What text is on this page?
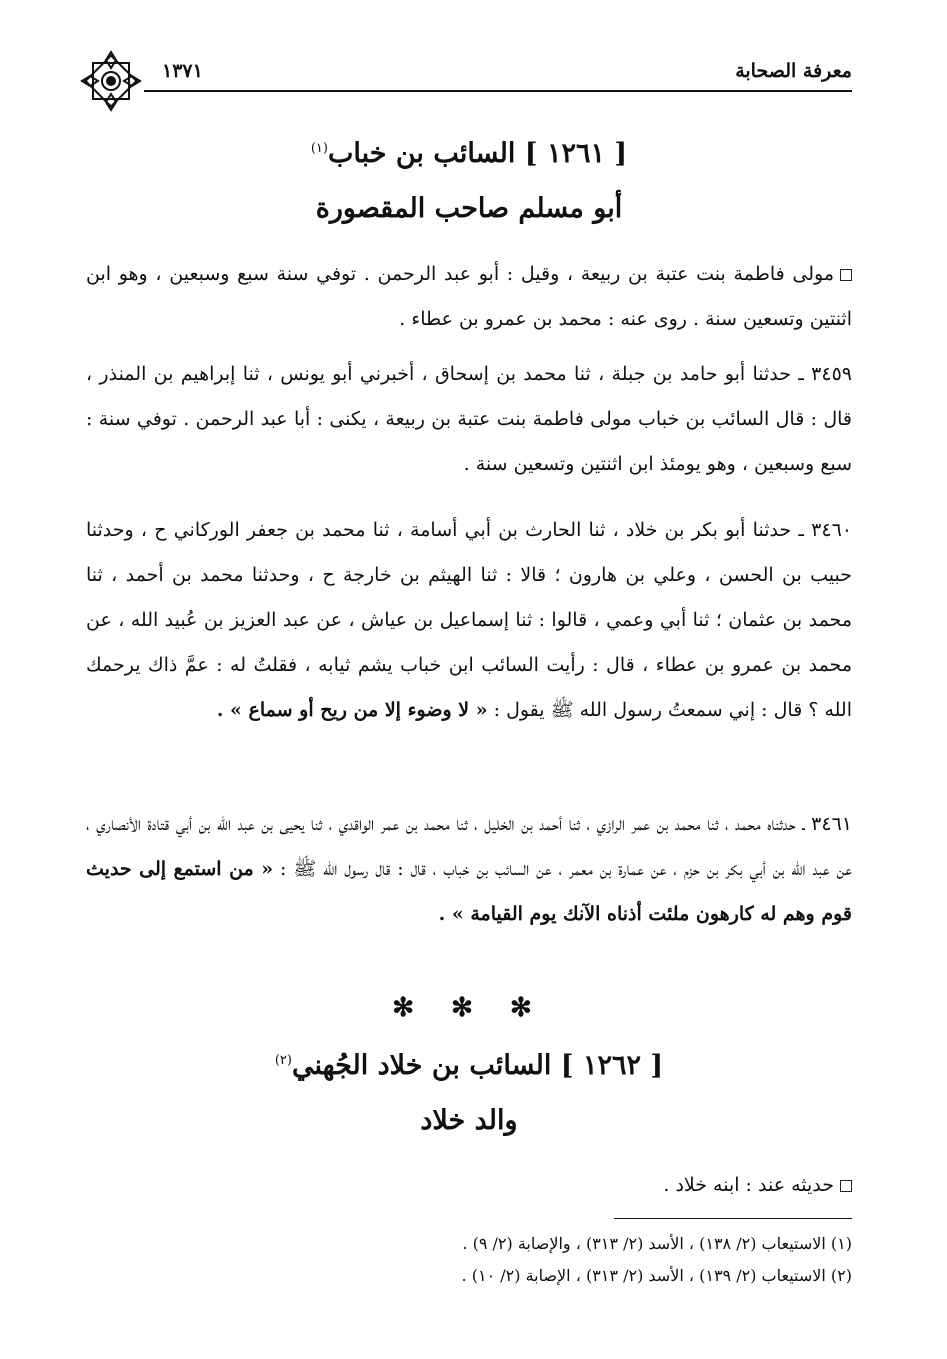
معرفة الصحابة
١٣٧١
[ ١٢٦١ ] السائب بن خباب$^{(١)}$
أبو مسلم صاحب المقصورة
مولى فاطمة بنت عتبة بن ربيعة ، وقيل : أبو عبد الرحمن . توفي سنة سبع وسبعين ، وهو ابن اثنتين وتسعين سنة . روى عنه : محمد بن عمرو بن عطاء .
٣٤٥٩ ـ حدثنا أبو حامد بن جبلة ، ثنا محمد بن إسحاق ، أخبرني أبو يونس ، ثنا إبراهيم بن المنذر ، قال : قال السائب بن خباب مولى فاطمة بنت عتبة بن ربيعة ، يكنى : أبا عبد الرحمن . توفي سنة : سبع وسبعين ، وهو يومئذ ابن اثنتين وتسعين سنة .
٣٤٦٠ ـ حدثنا أبو بكر بن خلاد ، ثنا الحارث بن أبي أسامة ، ثنا محمد بن جعفر الوركاني ح ، وحدثنا حبيب بن الحسن ، وعلي بن هارون ؛ قالا : ثنا الهيثم بن خارجة ح ، وحدثنا محمد بن أحمد ، ثنا محمد بن عثمان ؛ ثنا أبي وعمي ، قالوا : ثنا إسماعيل بن عياش ، عن عبد العزيز بن عُبيد الله ، عن محمد بن عمرو بن عطاء ، قال : رأيت السائب ابن خباب يشم ثيابه ، فقلتُ له : عمَّ ذاك يرحمك الله ؟ قال : إني سمعتُ رسول الله ﷺ يقول : « لا وضوء إلا من ريح أو سماع » .
٣٤٦١ ـ حدثناه محمد ، ثنا محمد بن عمر الرازي ، ثنا أحمد بن الخليل ، ثنا محمد بن عمر الواقدي ، ثنا يحيى بن عبد الله بن أبي قتادة الأنصاري ، عن عبد الله بن أبي بكر بن حزم ، عن عمارة بن معمر ، عن السائب بن خباب ، قال : قال رسول الله ﷺ : « من استمع إلى حديث قوم وهم له كارهون ملئت أذناه الآنك يوم القيامة » .
✻ ✻ ✻
[ ١٢٦٢ ] السائب بن خلاد الجُهني$^{(٢)}$
والد خلاد
حديثه عند : ابنه خلاد .
(١) الاستيعاب (٢/ ١٣٨) ، الأسد (٢/ ٣١٣) ، والإصابة (٢/ ٩) .
(٢) الاستيعاب (٢/ ١٣٩) ، الأسد (٢/ ٣١٣) ، الإصابة (٢/ ١٠) .
